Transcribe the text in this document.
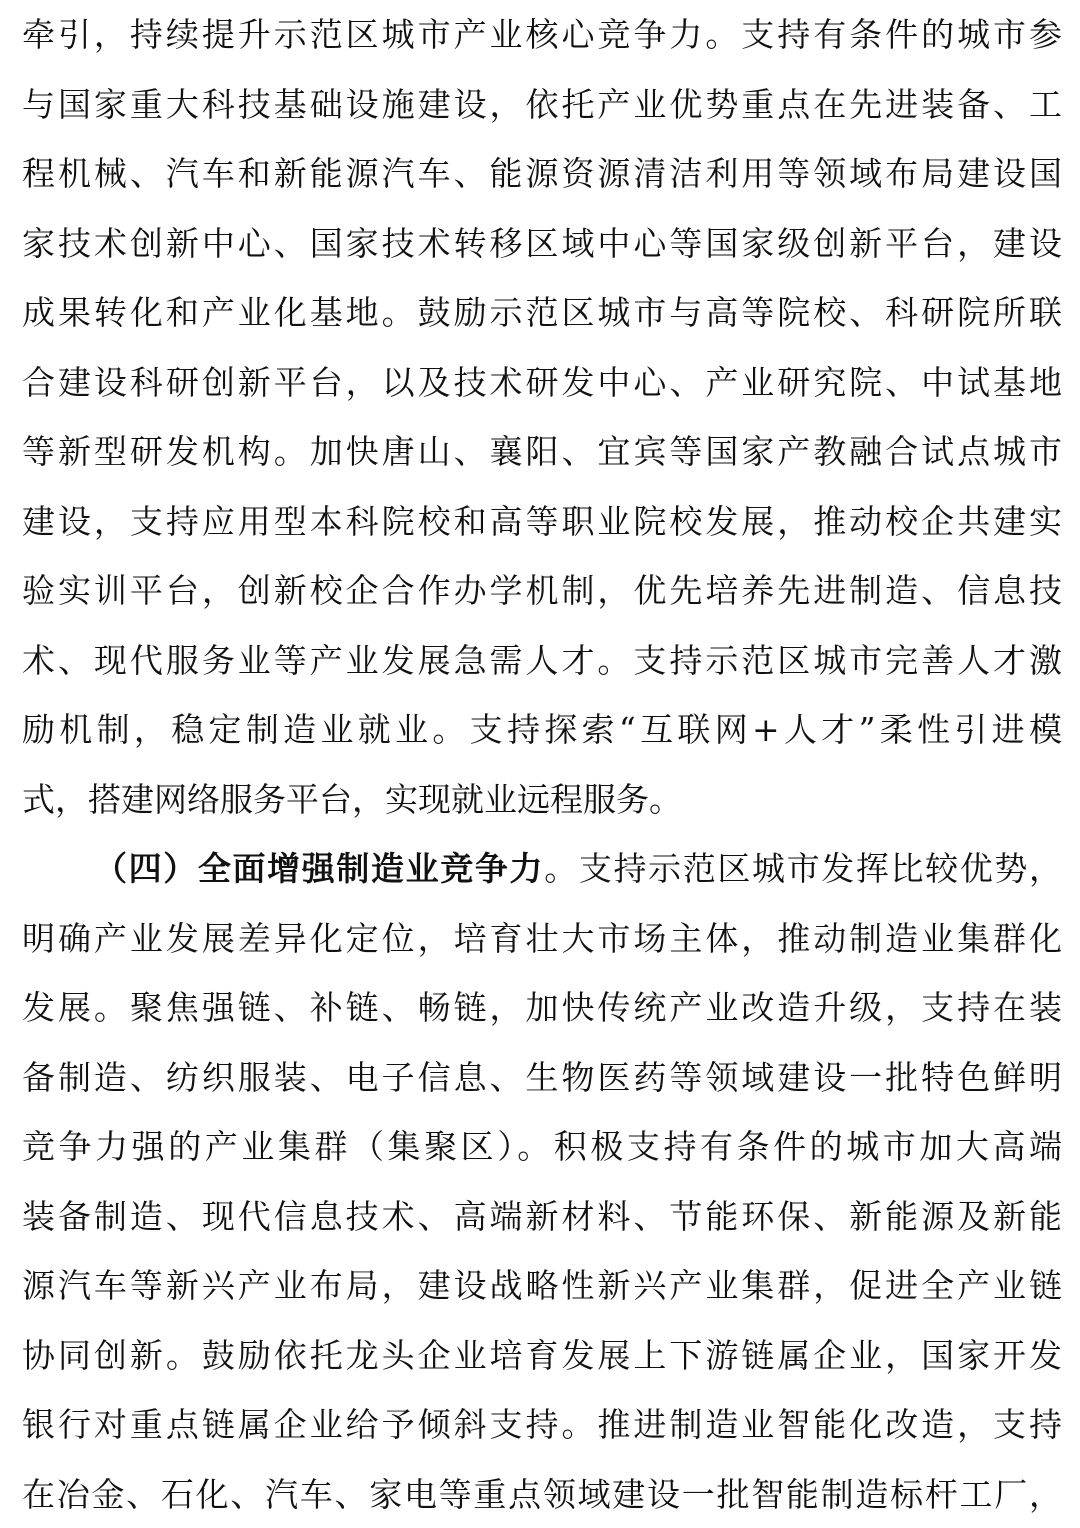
牵引，持续提升示范区城市产业核心竞争力。支持有条件的城市参
与国家重大科技基础设施建设，依托产业优势重点在先进装备、工
程机械、汽车和新能源汽车、能源资源清洁利用等领域布局建设国
家技术创新中心、国家技术转移区域中心等国家级创新平台，建设
成果转化和产业化基地。鼓励示范区城市与高等院校、科研院所联
合建设科研创新平台，以及技术研发中心、产业研究院、中试基地
等新型研发机构。加快唐山、襄阳、宜宾等国家产教融合试点城市
建设，支持应用型本科院校和高等职业院校发展，推动校企共建实
验实训平台，创新校企合作办学机制，优先培养先进制造、信息技
术、现代服务业等产业发展急需人才。支持示范区城市完善人才激
励机制，稳定制造业就业。支持探索“互联网+人才”柔性引进模
式，搭建网络服务平台，实现就业远程服务。
（四）全面增强制造业竞争力。支持示范区城市发挥比较优势，
明确产业发展差异化定位，培育壮大市场主体，推动制造业集群化
发展。聚焦强链、补链、畅链，加快传统产业改造升级，支持在装
备制造、纺织服装、电子信息、生物医药等领域建设一批特色鲜明
竞争力强的产业集群（集聚区）。积极支持有条件的城市加大高端
装备制造、现代信息技术、高端新材料、节能环保、新能源及新能
源汽车等新兴产业布局，建设战略性新兴产业集群，促进全产业链
协同创新。鼓励依托龙头企业培育发展上下游链属企业，国家开发
银行对重点链属企业给予倾斜支持。推进制造业智能化改造，支持
在冶金、石化、汽车、家电等重点领域建设一批智能制造标杆工厂，
